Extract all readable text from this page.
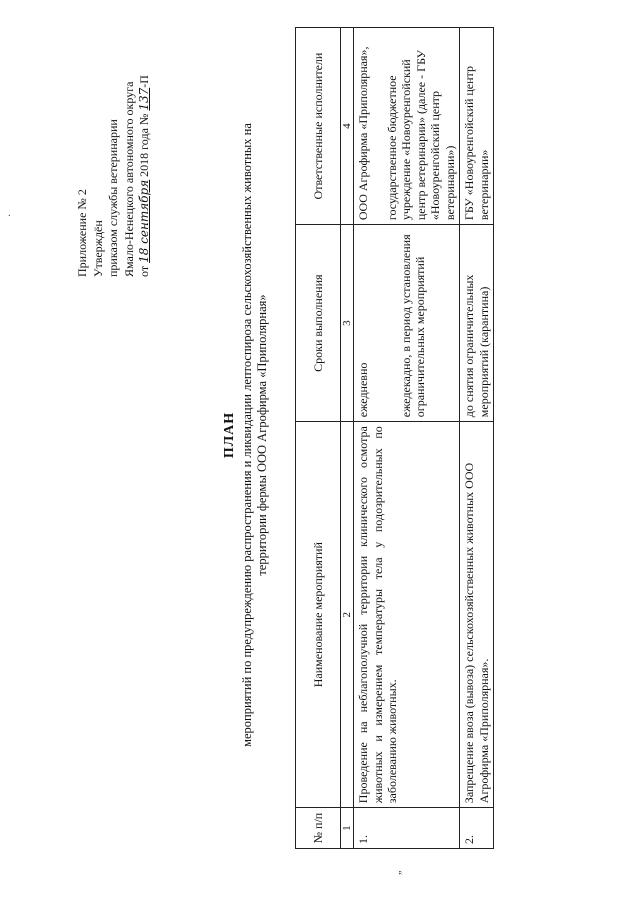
Приложение № 2 Утверждён приказом службы ветеринарии Ямало-Ненецкого автономного округа от 18 сентября 2018 года № 137-П
ПЛАН мероприятий по предупреждению распространения и ликвидации лептоспироза сельскохозяйственных животных на территории фермы ООО Агрофирма «Приполярная»
№ п/п	Наименование мероприятий	Сроки выполнения	Ответственные исполнители
1	2	3	4
1.	Проведение на неблагополучной территории клинического осмотра животных и измерением температуры тела у подозрительных по заболеванию животных.	ежедневно ежедекадно, в период установления ограничительных мероприятий	ООО Агрофирма «Приполярная», государственное бюджетное учреждение «Новоуренгойский центр ветеринарии» (далее - ГБУ «Новоуренгойский центр ветеринарии»)
2.	Запрещение ввоза (вывоза) сельскохозяйственных животных ООО Агрофирма «Приполярная».	до снятия ограничительных мероприятий (карантина)	ГБУ «Новоуренгойский центр ветеринарии»
·
„
